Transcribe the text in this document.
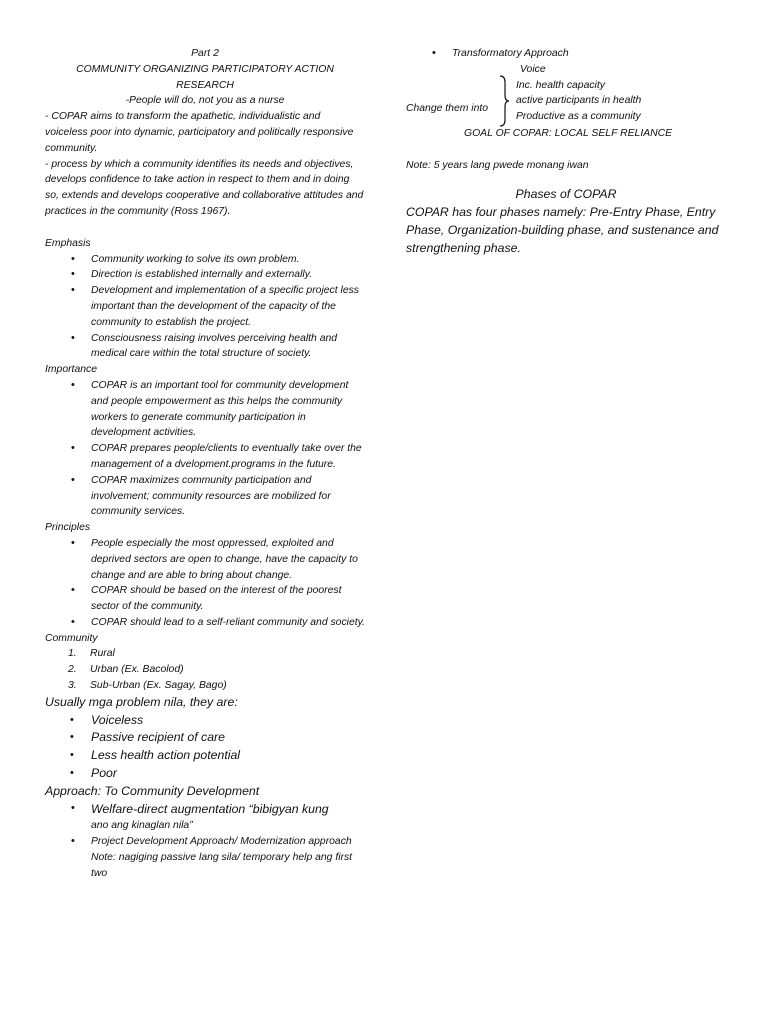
Part 2

COMMUNITY ORGANIZING PARTICIPATORY ACTION

RESEARCH

-People will do, not you as a nurse

- COPAR aims to transform the apathetic, individualistic and voiceless poor into dynamic, participatory and politically responsive community.

- process by which a community identifies its needs and objectives, develops confidence to take action in respect to them and in doing so, extends and develops cooperative and collaborative attitudes and practices in the community (Ross 1967).

Emphasis

• Community working to solve its own problem.
• Direction is established internally and externally.
• Development and implementation of a specific project less important than the development of the capacity of the community to establish the project.
• Consciousness raising involves perceiving health and medical care within the total structure of society.

Importance

• COPAR is an important tool for community development and people empowerment as this helps the community workers to generate community participation in development activities.
• COPAR prepares people/clients to eventually take over the management of a dvelopment.programs in the future.
• COPAR maximizes community participation and involvement; community resources are mobilized for community services.

Principles

• People especially the most oppressed, exploited and deprived sectors are open to change, have the capacity to change and are able to bring about change.
• COPAR should be based on the interest of the poorest sector of the community.
• COPAR should lead to a self-reliant community and society.

Community

1. Rural
2. Urban (Ex. Bacolod)
3. Sub-Urban (Ex. Sagay, Bago)

Usually mga problem nila, they are:

• Voiceless
• Passive recipient of care
• Less health action potential
• Poor

Approach: To Community Development

• Welfare-direct augmentation “bibigyan kung
ano ang kinaglan nila”
• Project Development Approach/ Modernization approach
Note: nagiging passive lang sila/ temporary help ang first two
• Transformatory Approach
Change them into
Voice
Inc. health capacity
active participants in health
Productive as a community

GOAL OF COPAR: LOCAL SELF RELIANCE

Note: 5 years lang pwede monang iwan

Phases of COPAR

COPAR has four phases namely: Pre-Entry Phase, Entry Phase, Organization-building phase, and sustenance and strengthening phase.
